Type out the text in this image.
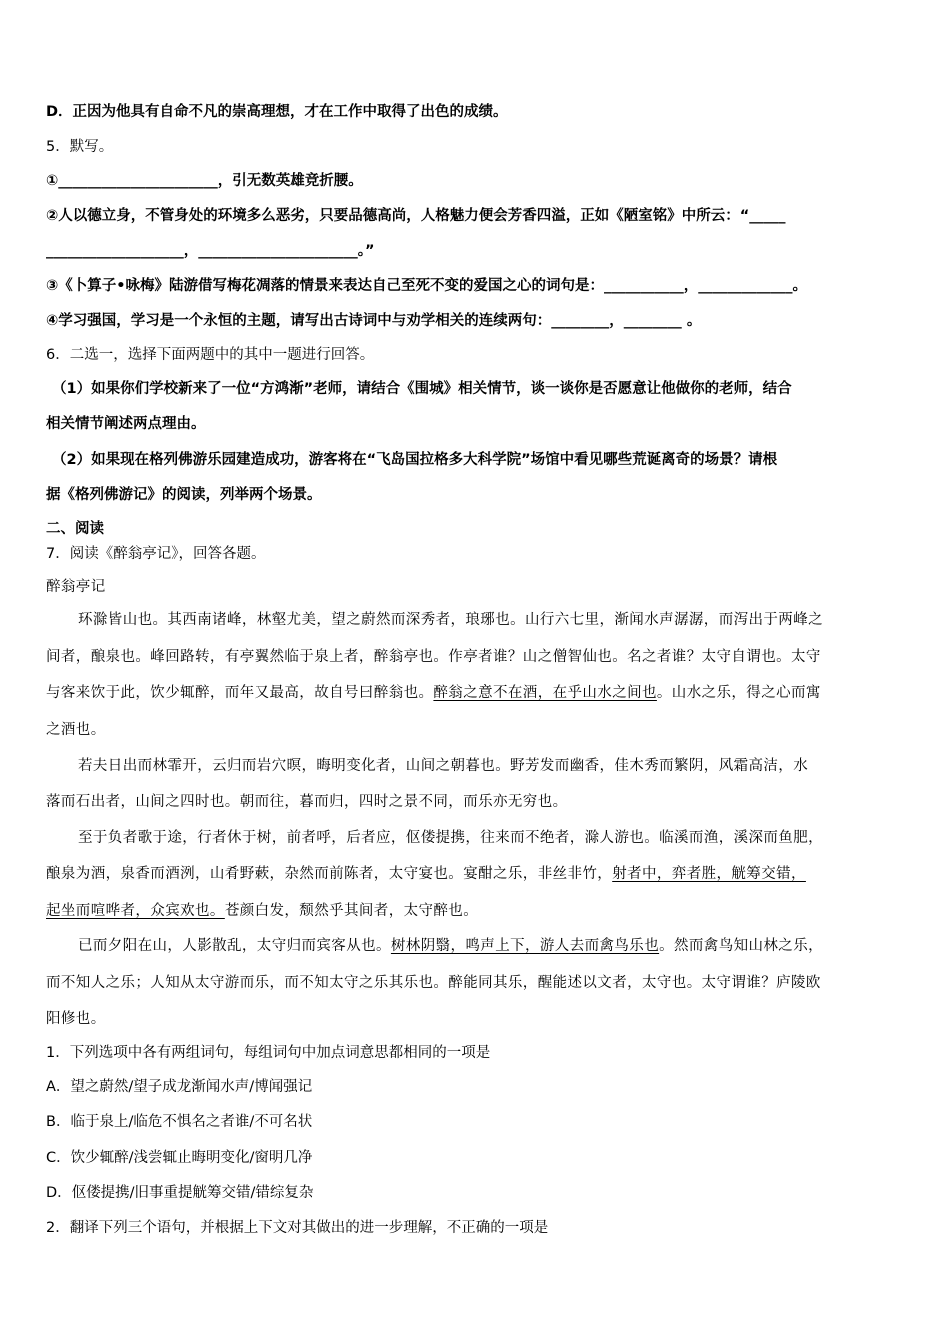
D．正因为他具有自命不凡的崇高理想，才在工作中取得了出色的成绩。
5．默写。
①______________________，引无数英雄竞折腰。
②人以德立身，不管身处的环境多么恶劣，只要品德高尚，人格魅力便会芳香四溢，正如《陋室铭》中所云：“_____
___________________，______________________。”
③《卜算子•咏梅》陆游借写梅花凋落的情景来表达自己至死不变的爱国之心的词句是：___________，_____________。
④学习强国，学习是一个永恒的主题，请写出古诗词中与劝学相关的连续两句：________，________ 。
6．二选一，选择下面两题中的其中一题进行回答。
（1）如果你们学校新来了一位“方鸿渐”老师，请结合《围城》相关情节，谈一谈你是否愿意让他做你的老师，结合
相关情节阐述两点理由。
（2）如果现在格列佛游乐园建造成功，游客将在“飞岛国拉格多大科学院”场馆中看见哪些荒诞离奇的场景？请根
据《格列佛游记》的阅读，列举两个场景。
二、阅读
7．阅读《醉翁亭记》，回答各题。
醉翁亭记
环滁皆山也。其西南诸峰，林壑尤美，望之蔚然而深秀者，琅琊也。山行六七里，渐闻水声潺潺，而泻出于两峰之
间者，酿泉也。峰回路转，有亭翼然临于泉上者，醉翁亭也。作亭者谁？山之僧智仙也。名之者谁？太守自谓也。太守
与客来饮于此，饮少辄醉，而年又最高，故自号曰醉翁也。醉翁之意不在酒，在乎山水之间也。山水之乐，得之心而寓
之酒也。
若夫日出而林霏开，云归而岩穴暝，晦明变化者，山间之朝暮也。野芳发而幽香，佳木秀而繁阴，风霜高洁，水
落而石出者，山间之四时也。朝而往，暮而归，四时之景不同，而乐亦无穷也。
至于负者歌于途，行者休于树，前者呼，后者应，伛偻提携，往来而不绝者，滁人游也。临溪而渔，溪深而鱼肥，
酿泉为酒，泉香而酒洌，山肴野蔌，杂然而前陈者，太守宴也。宴酣之乐，非丝非竹，射者中，弈者胜，觥筹交错，
起坐而喧哗者，众宾欢也。苍颜白发，颓然乎其间者，太守醉也。
已而夕阳在山，人影散乱，太守归而宾客从也。树林阴翳，鸣声上下，游人去而禽鸟乐也。然而禽鸟知山林之乐，
而不知人之乐；人知从太守游而乐，而不知太守之乐其乐也。醉能同其乐，醒能述以文者，太守也。太守谓谁？庐陵欧
阳修也。
1．下列选项中各有两组词句，每组词句中加点词意思都相同的一项是
A．望之蔚然/望子成龙渐闻水声/博闻强记
B．临于泉上/临危不惧名之者谁/不可名状
C．饮少辄醉/浅尝辄止晦明变化/窗明几净
D．伛偻提携/旧事重提觥筹交错/错综复杂
2．翻译下列三个语句，并根据上下文对其做出的进一步理解，不正确的一项是
